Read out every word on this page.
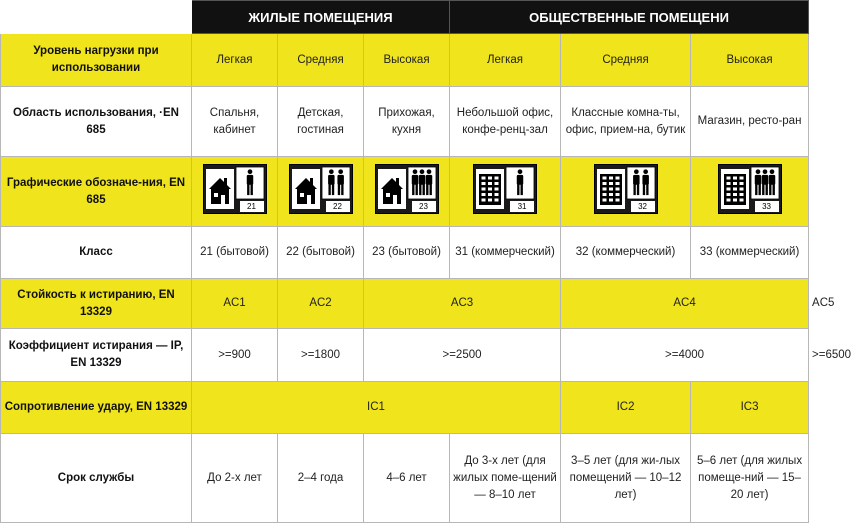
	ЖИЛЫЕ ПОМЕЩЕНИЯ			ОБЩЕСТВЕННЫЕ ПОМЕЩЕНИ			
Уровень нагрузки при использовании	Легкая	Средняя	Высокая	Легкая	Средняя	Высокая	
Область использования, ·EN 685	Спальня, кабинет	Детская, гостиная	Прихожая, кухня	Небольшой офис, конфе-ренц-зал	Классные комна-ты, офис, прием-на, бутик	Магазин, ресто-ран	
Графические обозначе-ния, EN 685	21	22	23	31	32	33	

Класс	21 (бытовой)	22 (бытовой)	23 (бытовой)	31 (коммерческий)	32 (коммерческий)	33 (коммерческий)	
Стойкость к истиранию, EN 13329	AC1	AC2	AC3		AC4		AC5
Коэффициент истирания — IP, EN 13329	>=900	>=1800	>=2500		>=4000		>=6500
Сопротивление удару, EN 13329	IC1				IC2	IC3	
Срок службы	До 2-х лет	2–4 года	4–6 лет	До 3-х лет (для жилых поме-щений — 8–10 лет	3–5 лет (для жи-лых помещений — 10–12 лет)	5–6 лет (для жилых помеще-ний — 15–20 лет)	
